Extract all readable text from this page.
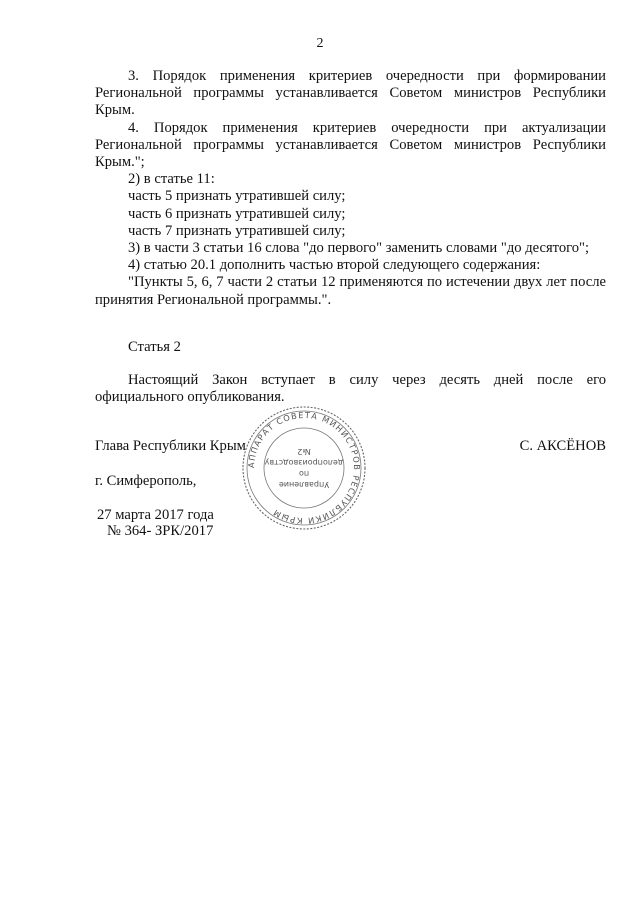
2

3. Порядок применения критериев очередности при формировании Региональной программы устанавливается Советом министров Республики Крым.

4. Порядок применения критериев очередности при актуализации Региональной программы устанавливается Советом министров Республики Крым.";

2) в статье 11:

часть 5 признать утратившей силу;

часть 6 признать утратившей силу;

часть 7 признать утратившей силу;

3) в части 3 статьи 16 слова "до первого" заменить словами "до десятого";

4) статью 20.1 дополнить частью второй следующего содержания:

"Пункты 5, 6, 7 части 2 статьи 12 применяются по истечении двух лет после принятия Региональной программы.".

Статья 2

Настоящий Закон вступает в силу через десять дней после его официального опубликования.

Глава Республики Крым	С. АКСЁНОВ
г. Симферополь,
27 марта 2017 года
№ 364- ЗРК/2017
АППАРАТ СОВЕТА МИНИСТРОВ РЕСПУБЛИКИ КРЫМ
Управление
по
делопроизводству
№2
